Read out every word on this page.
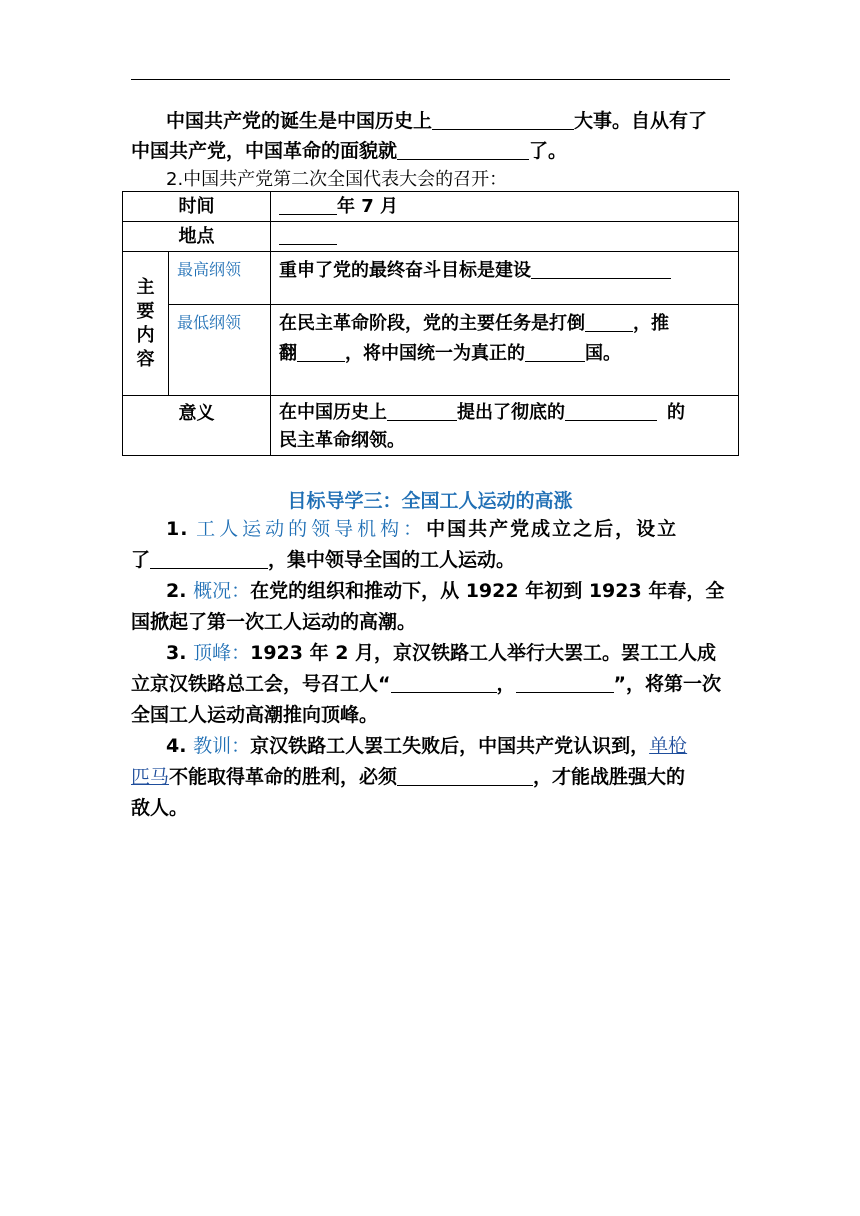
中国共产党的诞生是中国历史上	大事。自从有了
中国共产党，中国革命的面貌就	了。
2.中国共产党第二次全国代表大会的召开：
时间		年 7 月
地点		
主要内容	最高纲领	重申了党的最终奋斗目标是建设
	最低纲领	在民主革命阶段，党的主要任务是打倒 ，推
翻 ，将中国统一为真正的 国。
意义		在中国历史上 提出了彻底的 的
民主革命纲领。
目标导学三：全国工人运动的高涨
1. 工人运动的领导机构：中国共产党成立之后，设立
了	，集中领导全国的工人运动。
2. 概况：在党的组织和推动下，从 1922 年初到 1923 年春，全
国掀起了第一次工人运动的高潮。
3. 顶峰：1923 年 2 月，京汉铁路工人举行大罢工。罢工工人成
立京汉铁路总工会，号召工人“	，	”，将第一次
全国工人运动高潮推向顶峰。
4. 教训：京汉铁路工人罢工失败后，中国共产党认识到，单枪
匹马不能取得革命的胜利，必须	，才能战胜强大的
敌人。
